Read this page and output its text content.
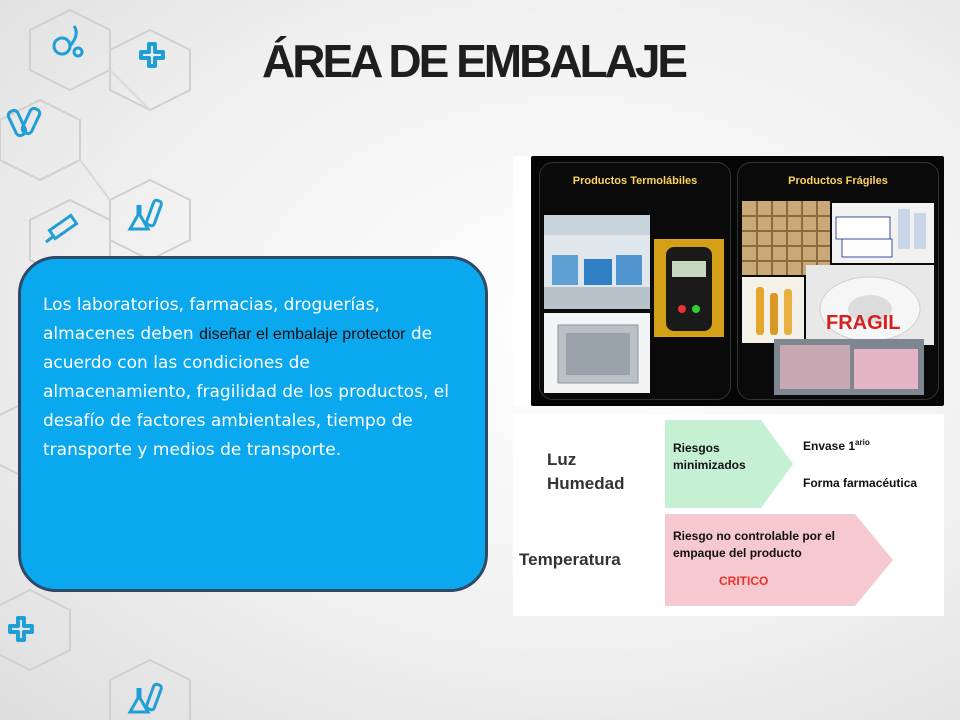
ÁREA DE EMBALAJE

Los laboratorios, farmacias, droguerías, almacenes deben diseñar el embalaje protector de acuerdo con las condiciones de almacenamiento, fragilidad de los productos, el desafío de factores ambientales, tiempo de transporte y medios de transporte.

Productos Termolábiles	Productos Frágiles
FRAGIL
Luz
Humedad
Temperatura
Riesgos minimizados
Envase $1^{ario}$
Forma farmacéutica
Riesgo no controlable por el empaque del producto
CRITICO
